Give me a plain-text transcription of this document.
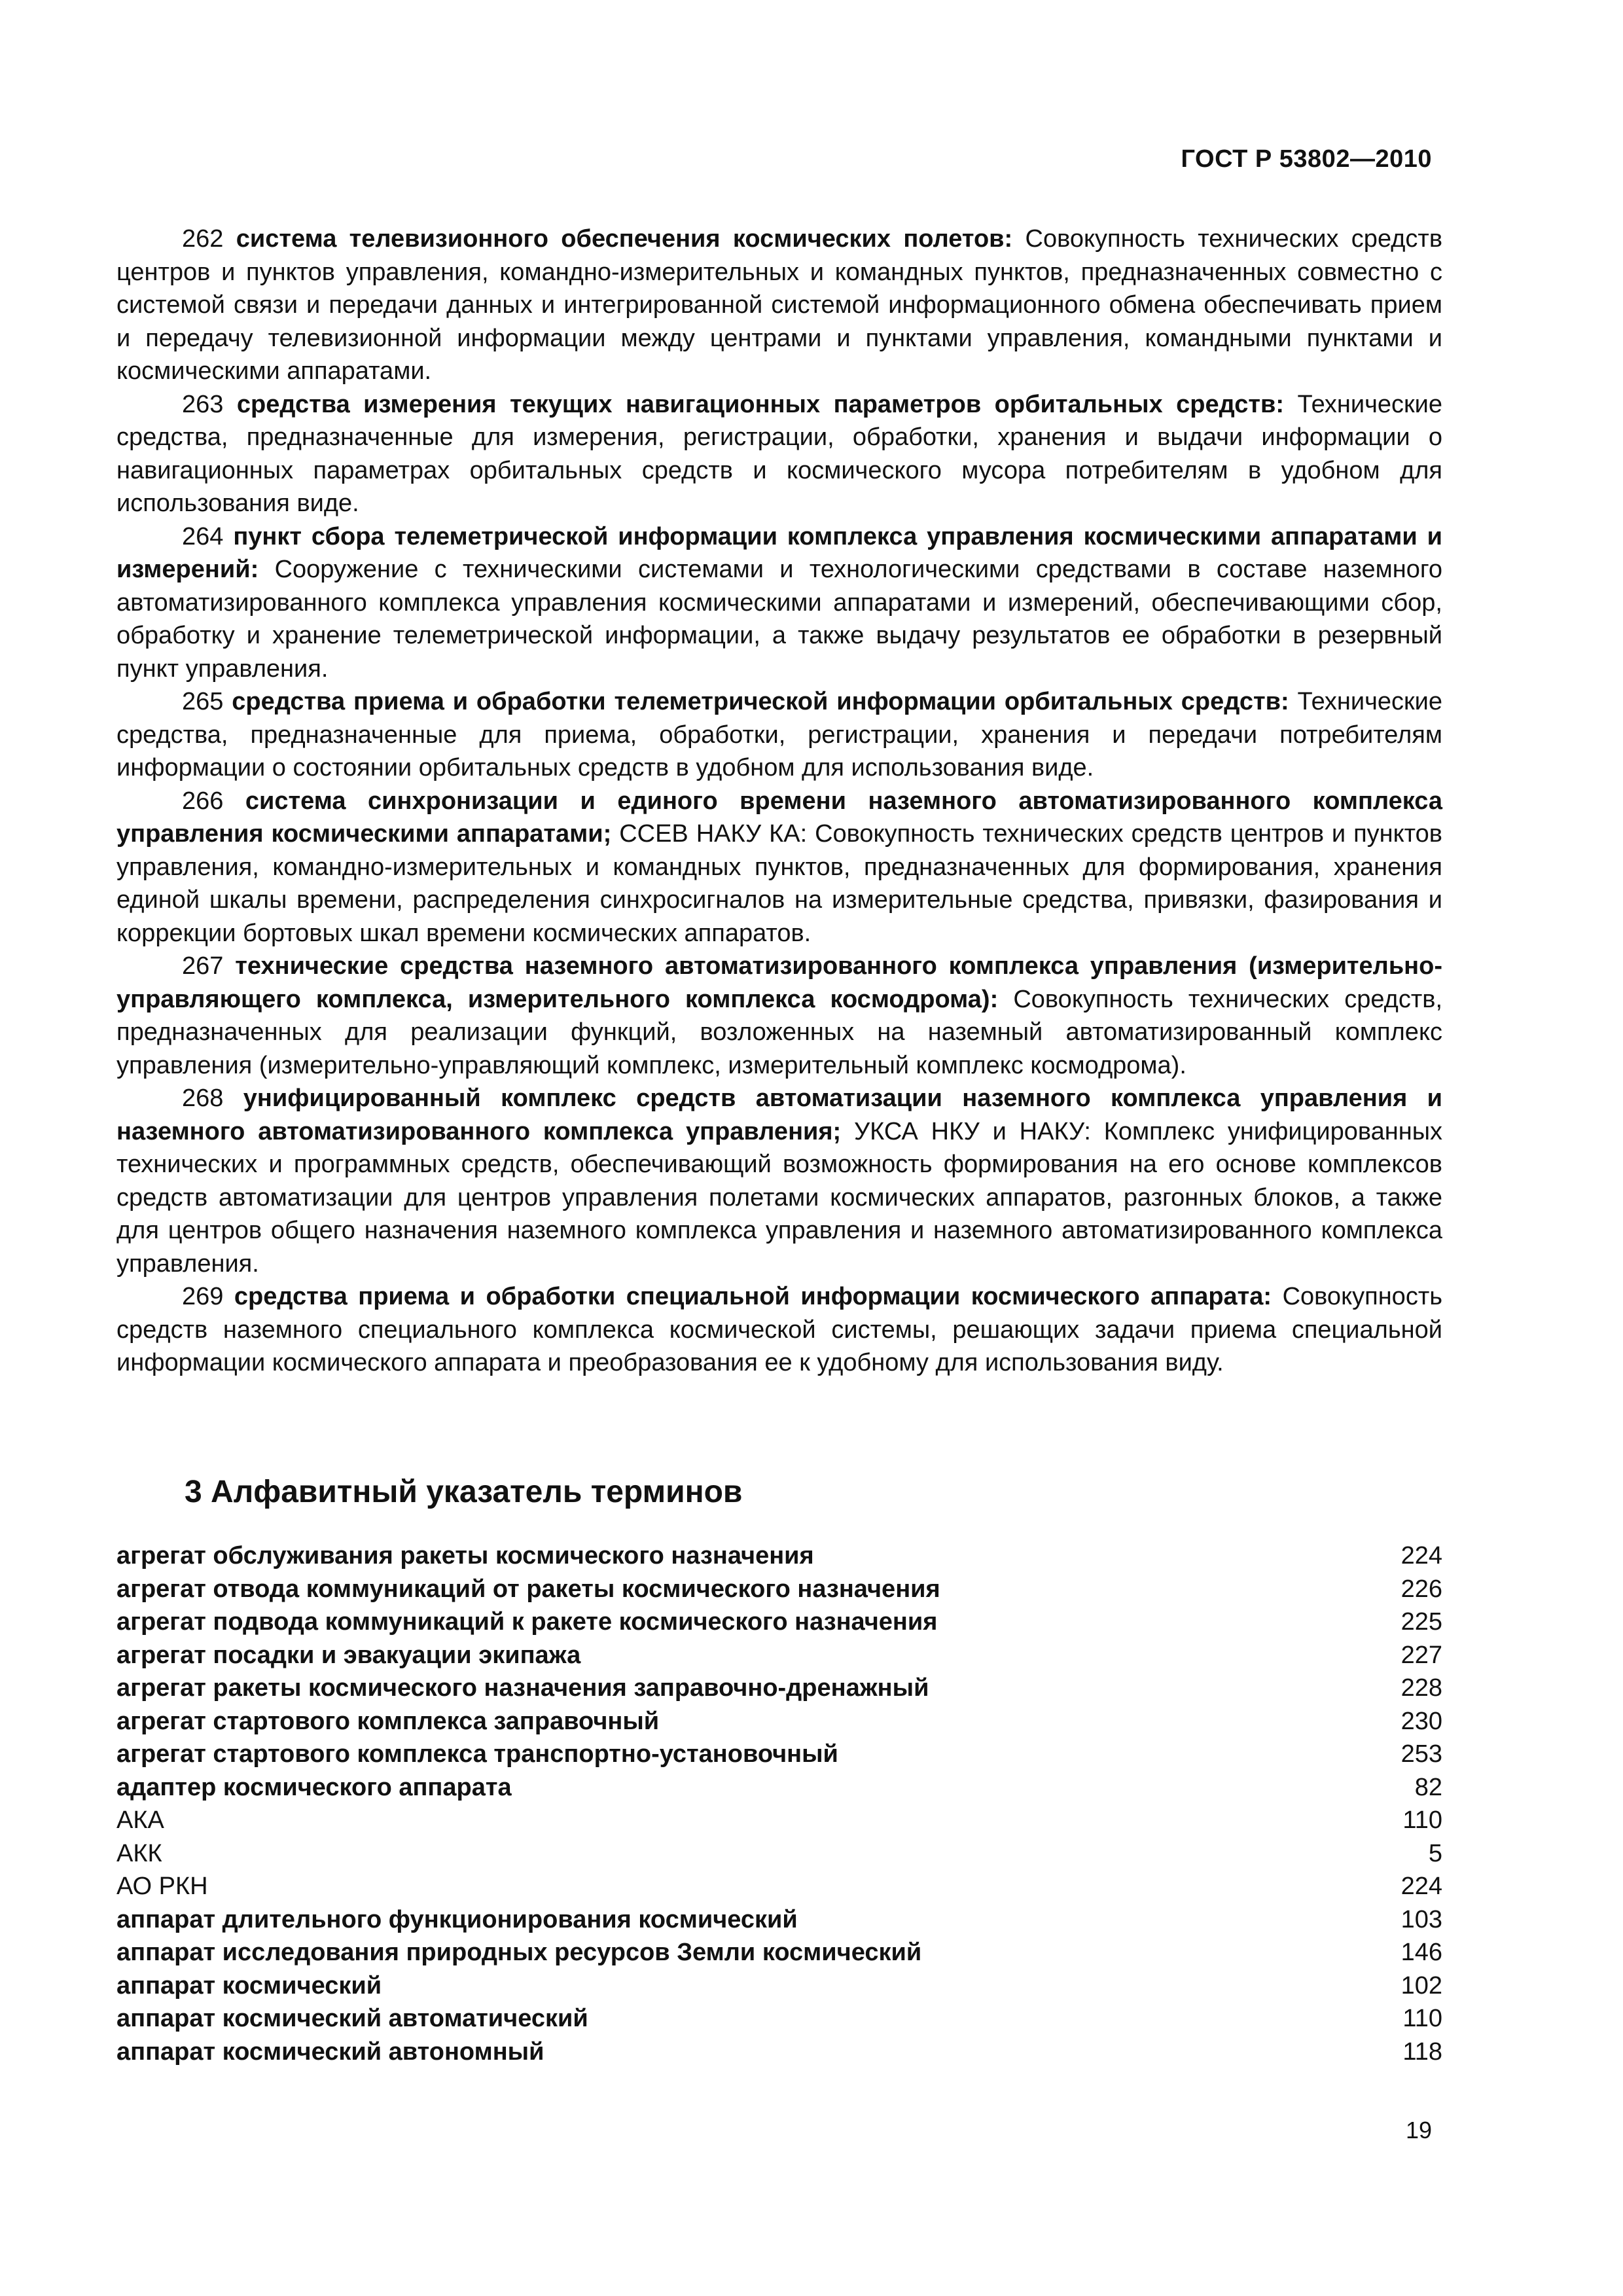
ГОСТ Р 53802—2010

262 система телевизионного обеспечения космических полетов: Совокупность технических средств центров и пунктов управления, командно-измерительных и командных пунктов, предназначенных совместно с системой связи и передачи данных и интегрированной системой информационного обмена обеспечивать прием и передачу телевизионной информации между центрами и пунктами управления, командными пунктами и космическими аппаратами.

263 средства измерения текущих навигационных параметров орбитальных средств: Технические средства, предназначенные для измерения, регистрации, обработки, хранения и выдачи информации о навигационных параметрах орбитальных средств и космического мусора потребителям в удобном для использования виде.

264 пункт сбора телеметрической информации комплекса управления космическими аппаратами и измерений: Сооружение с техническими системами и технологическими средствами в составе наземного автоматизированного комплекса управления космическими аппаратами и измерений, обеспечивающими сбор, обработку и хранение телеметрической информации, а также выдачу результатов ее обработки в резервный пункт управления.

265 средства приема и обработки телеметрической информации орбитальных средств: Технические средства, предназначенные для приема, обработки, регистрации, хранения и передачи потребителям информации о состоянии орбитальных средств в удобном для использования виде.

266 система синхронизации и единого времени наземного автоматизированного комплекса управления космическими аппаратами; ССЕВ НАКУ КА: Совокупность технических средств центров и пунктов управления, командно-измерительных и командных пунктов, предназначенных для формирования, хранения единой шкалы времени, распределения синхросигналов на измерительные средства, привязки, фазирования и коррекции бортовых шкал времени космических аппаратов.

267 технические средства наземного автоматизированного комплекса управления (измерительно-управляющего комплекса, измерительного комплекса космодрома): Совокупность технических средств, предназначенных для реализации функций, возложенных на наземный автоматизированный комплекс управления (измерительно-управляющий комплекс, измерительный комплекс космодрома).

268 унифицированный комплекс средств автоматизации наземного комплекса управления и наземного автоматизированного комплекса управления; УКСА НКУ и НАКУ: Комплекс унифицированных технических и программных средств, обеспечивающий возможность формирования на его основе комплексов средств автоматизации для центров управления полетами космических аппаратов, разгонных блоков, а также для центров общего назначения наземного комплекса управления и наземного автоматизированного комплекса управления.

269 средства приема и обработки специальной информации космического аппарата: Совокупность средств наземного специального комплекса космической системы, решающих задачи приема специальной информации космического аппарата и преобразования ее к удобному для использования виду.

3 Алфавитный указатель терминов
агрегат обслуживания ракеты космического назначения	224
агрегат отвода коммуникаций от ракеты космического назначения	226
агрегат подвода коммуникаций к ракете космического назначения	225
агрегат посадки и эвакуации экипажа	227
агрегат ракеты космического назначения заправочно-дренажный	228
агрегат стартового комплекса заправочный	230
агрегат стартового комплекса транспортно-установочный	253
адаптер космического аппарата	82
АКА	110
АКК	5
АО РКН	224
аппарат длительного функционирования космический	103
аппарат исследования природных ресурсов Земли космический	146
аппарат космический	102
аппарат космический автоматический	110
аппарат космический автономный	118
19
